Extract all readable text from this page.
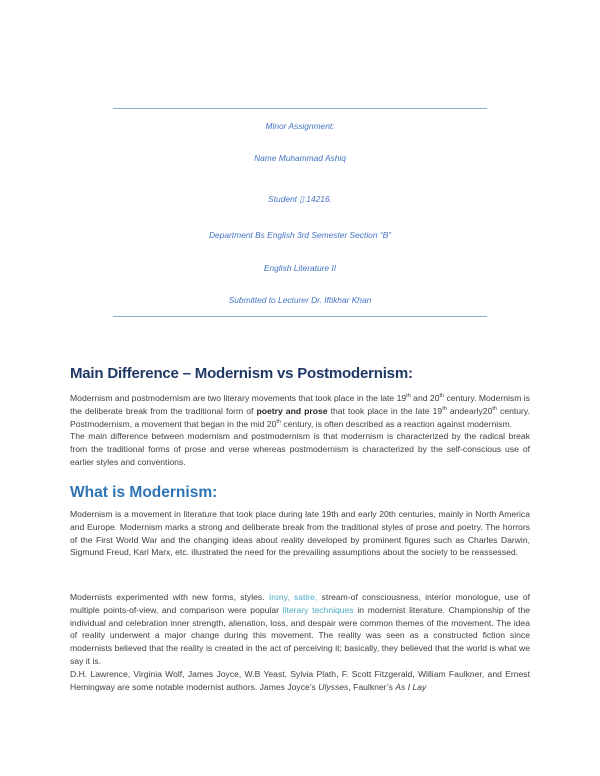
Minor Assignment:
Name Muhammad Ashiq
Student ▯ 14216.
Department Bs English 3rd Semester Section “B”
English Literature II
Submitted to Lecturer Dr. Iftikhar Khan
Main Difference – Modernism vs Postmodernism:
Modernism and postmodernism are two literary movements that took place in the late 19th and 20th century. Modernism is the deliberate break from the traditional form of poetry and prose that took place in the late 19th andearly20th century. Postmodernism, a movement that began in the mid 20th century, is often described as a reaction against modernism.
The main difference between modernism and postmodernism is that modernism is characterized by the radical break from the traditional forms of prose and verse whereas postmodernism is characterized by the self-conscious use of earlier styles and conventions.
What is Modernism:
Modernism is a movement in literature that took place during late 19th and early 20th centuries, mainly in North America and Europe. Modernism marks a strong and deliberate break from the traditional styles of prose and poetry. The horrors of the First World War and the changing ideas about reality developed by prominent figures such as Charles Darwin, Sigmund Freud, Karl Marx, etc. illustrated the need for the prevailing assumptions about the society to be reassessed.
Modernists experimented with new forms, styles. Irony, satire, stream-of consciousness, interior monologue, use of multiple points-of-view, and comparison were popular literary techniques in modernist literature. Championship of the individual and celebration inner strength, alienation, loss, and despair were common themes of the movement. The idea of reality underwent a major change during this movement. The reality was seen as a constructed fiction since modernists believed that the reality is created in the act of perceiving it; basically, they believed that the world is what we say it is.
D.H. Lawrence, Virginia Wolf, James Joyce, W.B Yeast, Sylvia Plath, F. Scott Fitzgerald, William Faulkner, and Ernest Hemingway are some notable modernist authors. James Joyce’s Ulysses, Faulkner’s As I Lay
